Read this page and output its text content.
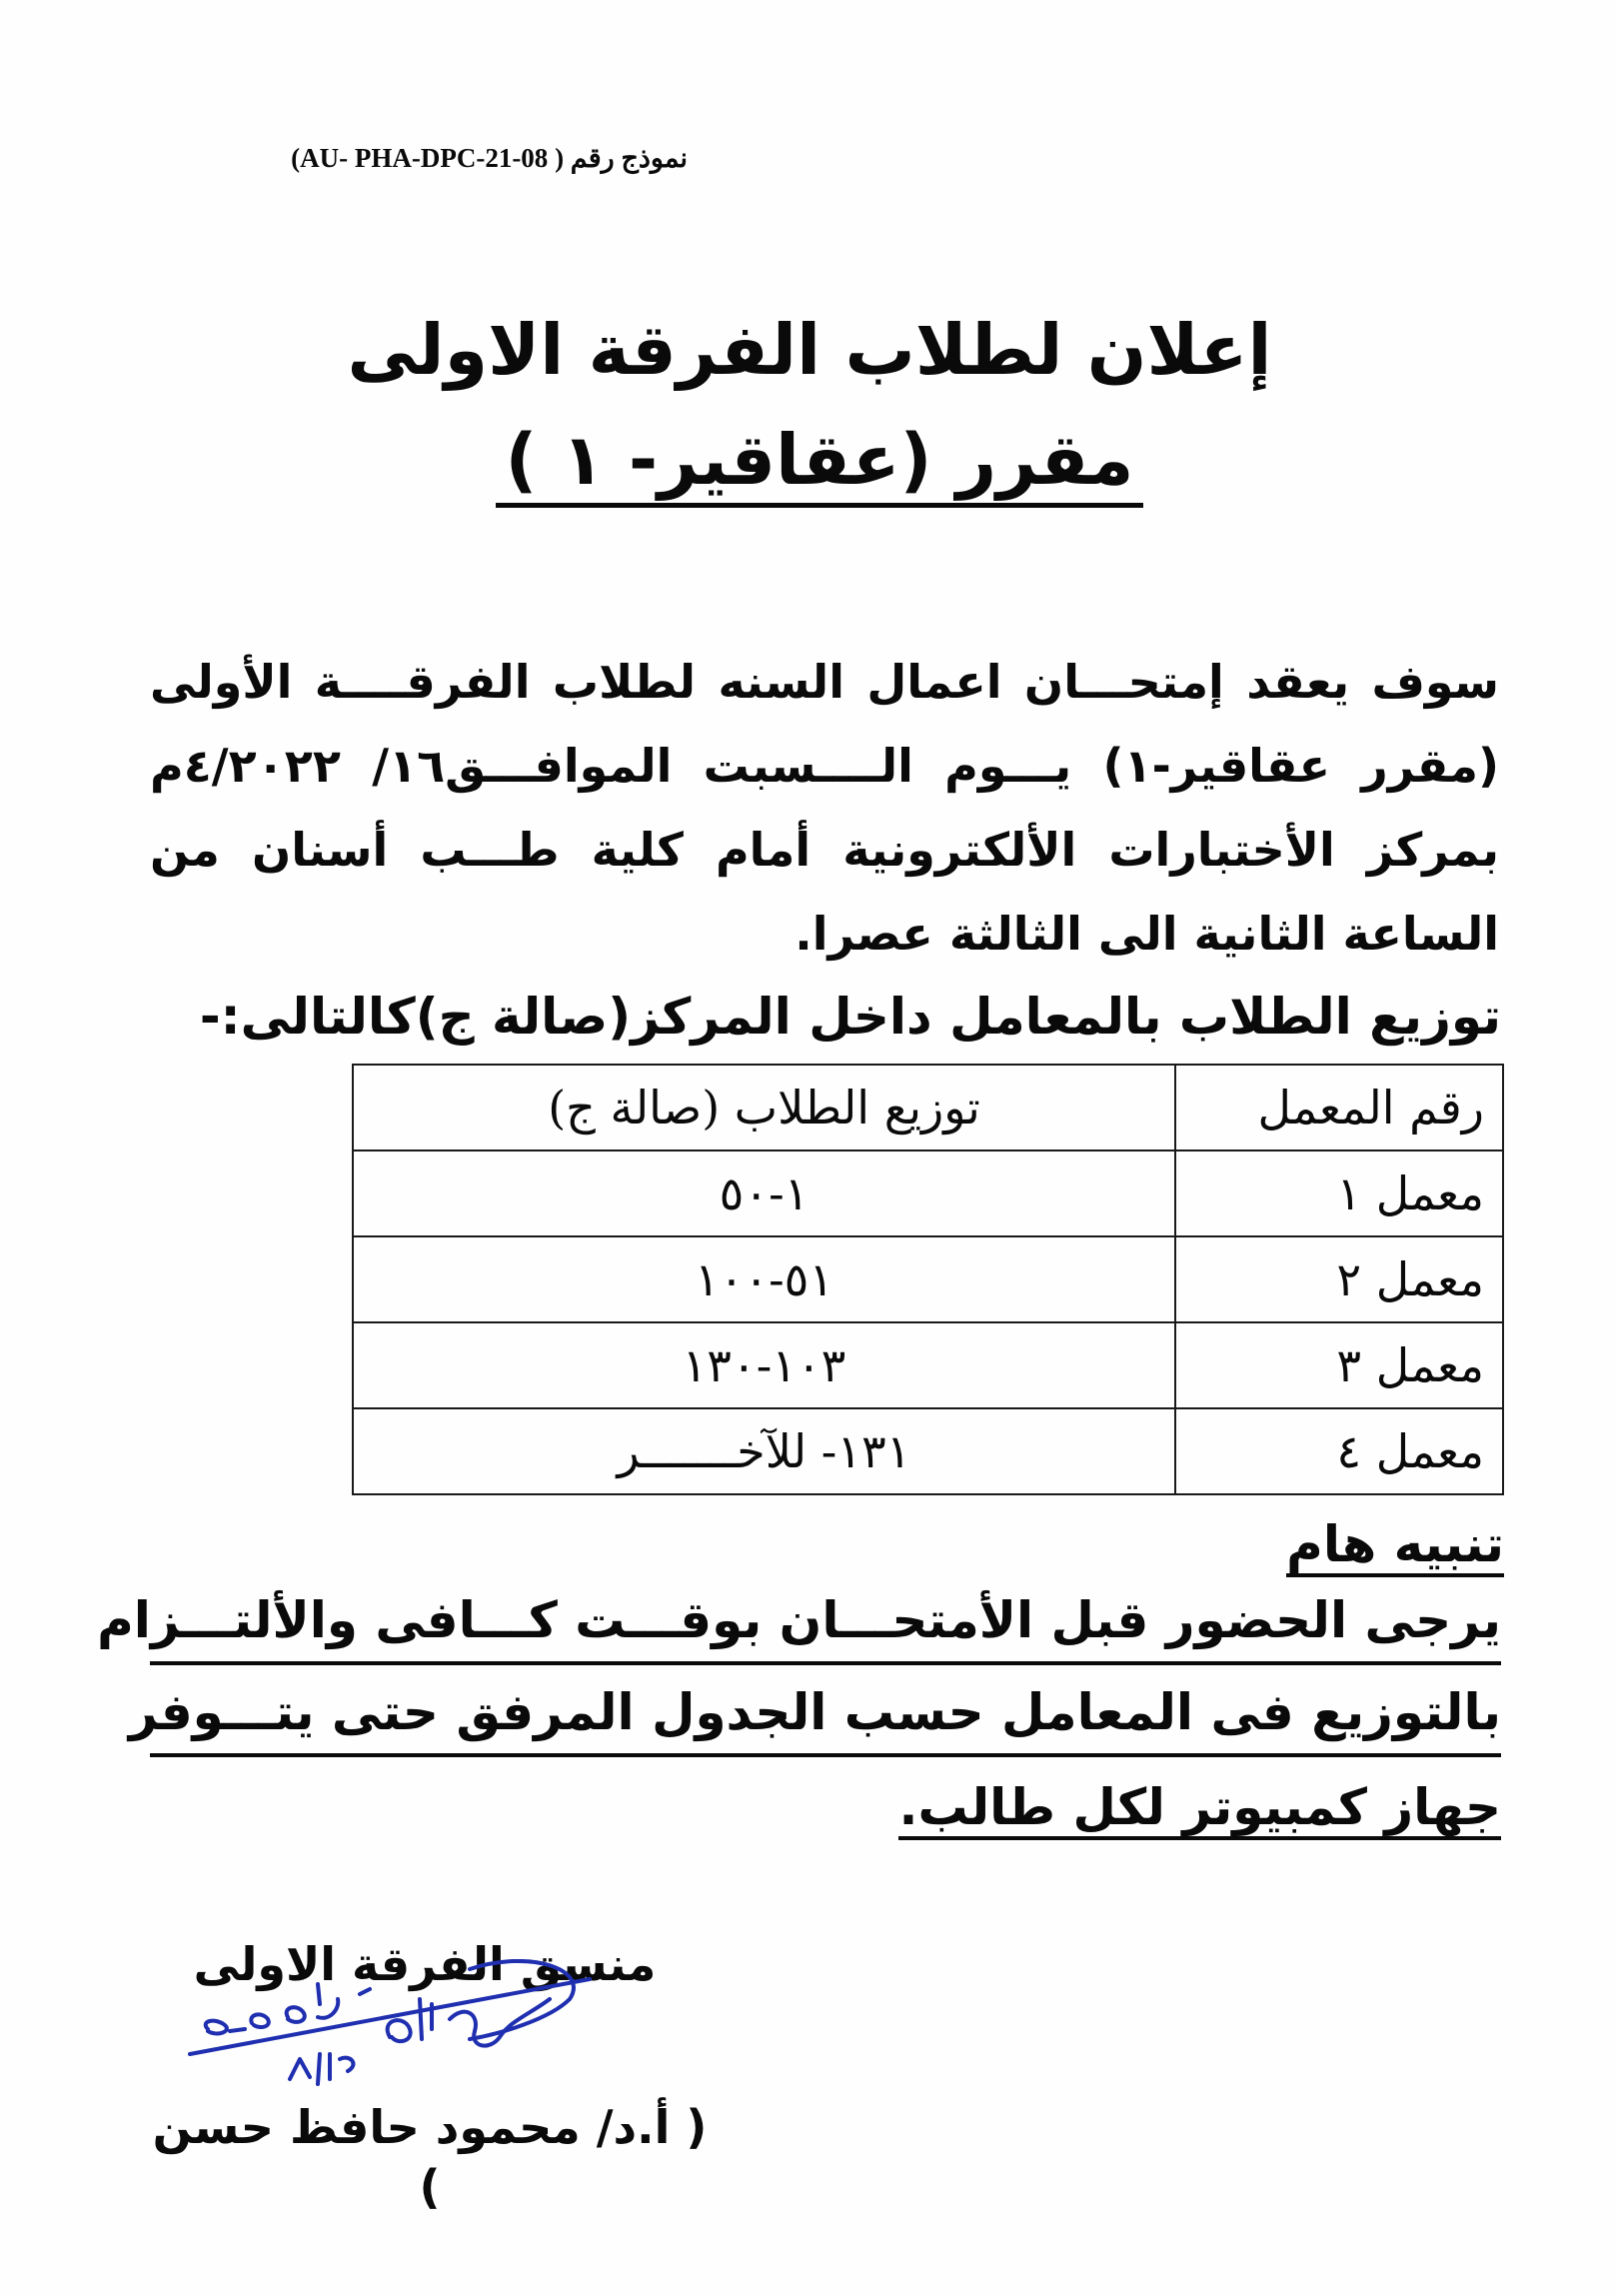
نموذج رقم ( AU- PHA-DPC-21-08)
إعلان لطلاب الفرقة الاولى
مقرر (عقاقير- ١ )
سوف يعقد إمتحـــان اعمال السنه لطلاب الفرقــــة الأولى
(مقرر عقاقير-١) يـــوم الــــسبت الموافـــق١٦/ ٤/٢٠٢٢م
بمركز الأختبارات الألكترونية أمام كلية طـــب أسنان من
الساعة الثانية الى الثالثة عصرا.
توزيع الطلاب بالمعامل داخل المركز(صالة ج)كالتالى:-
رقم المعمل	توزيع الطلاب (صالة ج)
معمل ١	١-٥٠
معمل ٢	٥١-١٠٠
معمل ٣	١٠٣-١٣٠
معمل ٤	١٣١- للآخـــــــر
تنبيه هام
يرجى الحضور قبل الأمتحـــان بوقـــت كـــافى والألتـــزام
بالتوزيع فى المعامل حسب الجدول المرفق حتى يتـــوفر
جهاز كمبيوتر لكل طالب.
منسق الفرقة الاولى
( أ.د/ محمود حافظ حسن )
